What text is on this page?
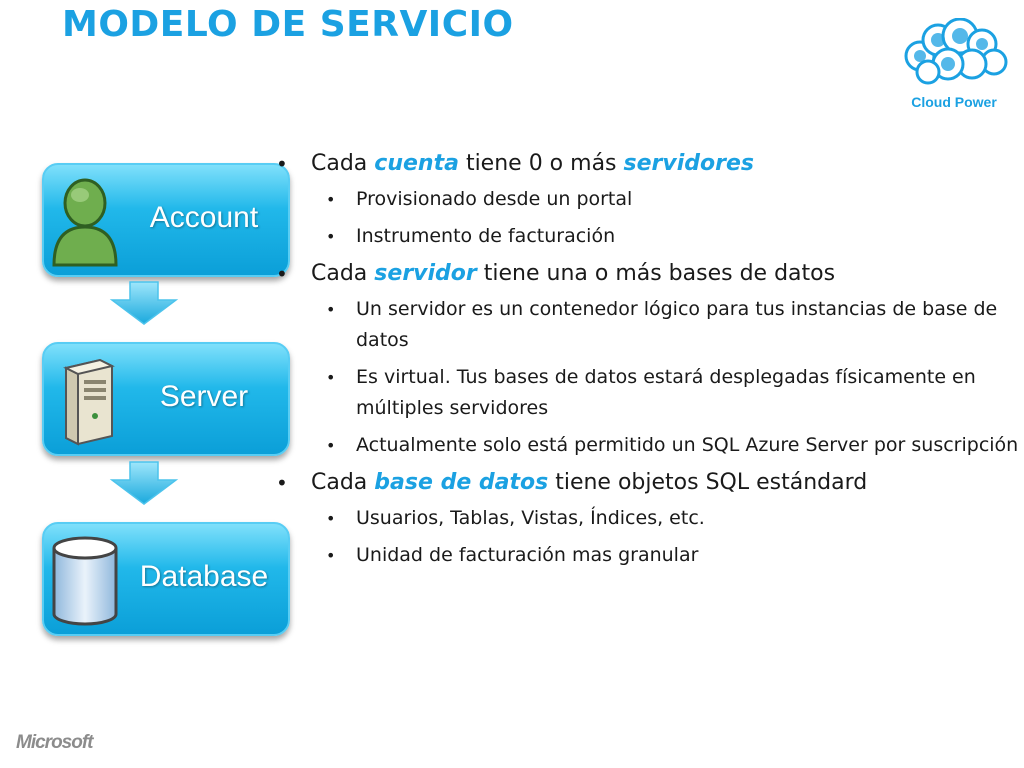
MODELO DE SERVICIO
Cloud Power
Account
Server
Database
• Cada cuenta tiene 0 o más servidores
• Provisionado desde un portal
• Instrumento de facturación
• Cada servidor tiene una o más bases de datos
• Un servidor es un contenedor lógico para tus instancias de base de datos
• Es virtual. Tus bases de datos estará desplegadas físicamente en múltiples servidores
• Actualmente solo está permitido un SQL Azure Server por suscripción
• Cada base de datos tiene objetos SQL estándard
• Usuarios, Tablas, Vistas, Índices, etc.
• Unidad de facturación mas granular
Microsoft
